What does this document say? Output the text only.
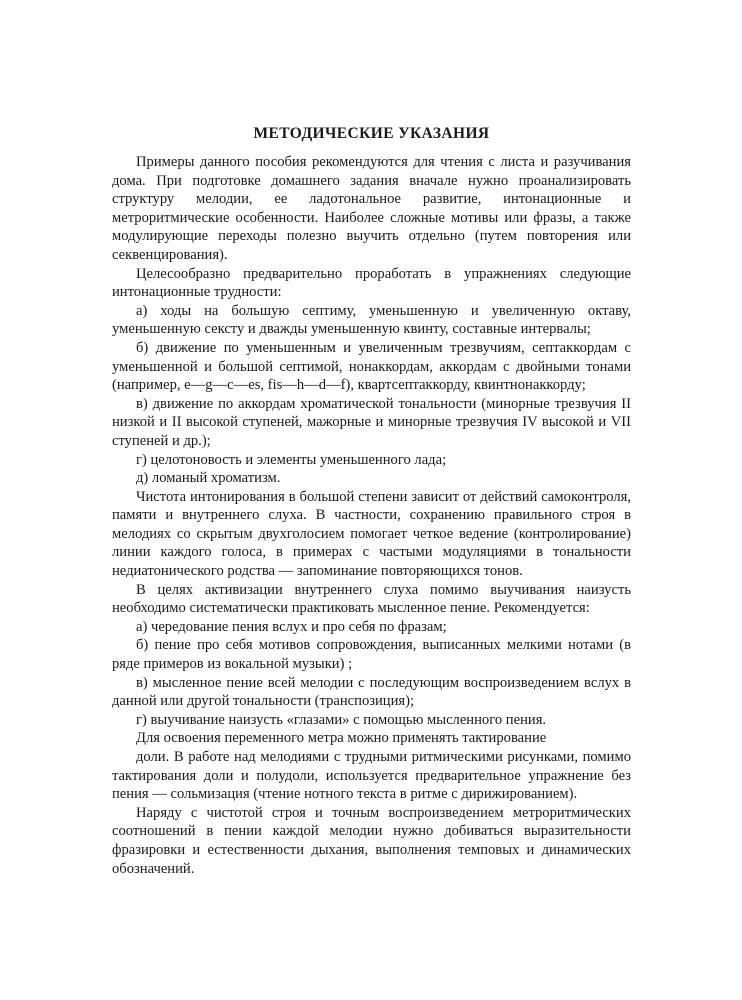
МЕТОДИЧЕСКИЕ УКАЗАНИЯ

Примеры данного пособия рекомендуются для чтения с листа и разучивания дома. При подготовке домашнего задания вначале нужно проанализировать структуру мелодии, ее ладотональное развитие, интонационные и метроритмические особенности. Наиболее сложные мотивы или фразы, а также модулирующие переходы полезно выучить отдельно (путем повторения или секвенцирования).

Целесообразно предварительно проработать в упражнениях следующие интонационные трудности:

а) ходы на большую септиму, уменьшенную и увеличенную октаву, уменьшенную сексту и дважды уменьшенную квинту, составные интервалы;

б) движение по уменьшенным и увеличенным трезвучиям, септаккордам с уменьшенной и большой септимой, нонаккордам, аккордам с двойными тонами (например, e—g—c—es, fis—h—d—f), квартсептаккорду, квинтнонаккорду;

в) движение по аккордам хроматической тональности (минорные трезвучия II низкой и II высокой ступеней, мажорные и минорные трезвучия IV высокой и VII ступеней и др.);

г) целотоновость и элементы уменьшенного лада;

д) ломаный хроматизм.

Чистота интонирования в большой степени зависит от действий самоконтроля, памяти и внутреннего слуха. В частности, сохранению правильного строя в мелодиях со скрытым двухголосием помогает четкое ведение (контролирование) линии каждого голоса, в примерах с частыми модуляциями в тональности недиатонического родства — запоминание повторяющихся тонов.

В целях активизации внутреннего слуха помимо выучивания наизусть необходимо систематически практиковать мысленное пение. Рекомендуется:

а) чередование пения вслух и про себя по фразам;

б) пение про себя мотивов сопровождения, выписанных мелкими нотами (в ряде примеров из вокальной музыки) ;

в) мысленное пение всей мелодии с последующим воспроизведением вслух в данной или другой тональности (транспозиция);

г) выучивание наизусть «глазами» с помощью мысленного пения.

Для освоения переменного метра можно применять тактирование

доли. В работе над мелодиями с трудными ритмическими рисунками, помимо тактирования доли и полудоли, используется предварительное упражнение без пения — сольмизация (чтение нотного текста в ритме с дирижированием).

Наряду с чистотой строя и точным воспроизведением метроритмических соотношений в пении каждой мелодии нужно добиваться выразительности фразировки и естественности дыхания, выполнения темповых и динамических обозначений.
